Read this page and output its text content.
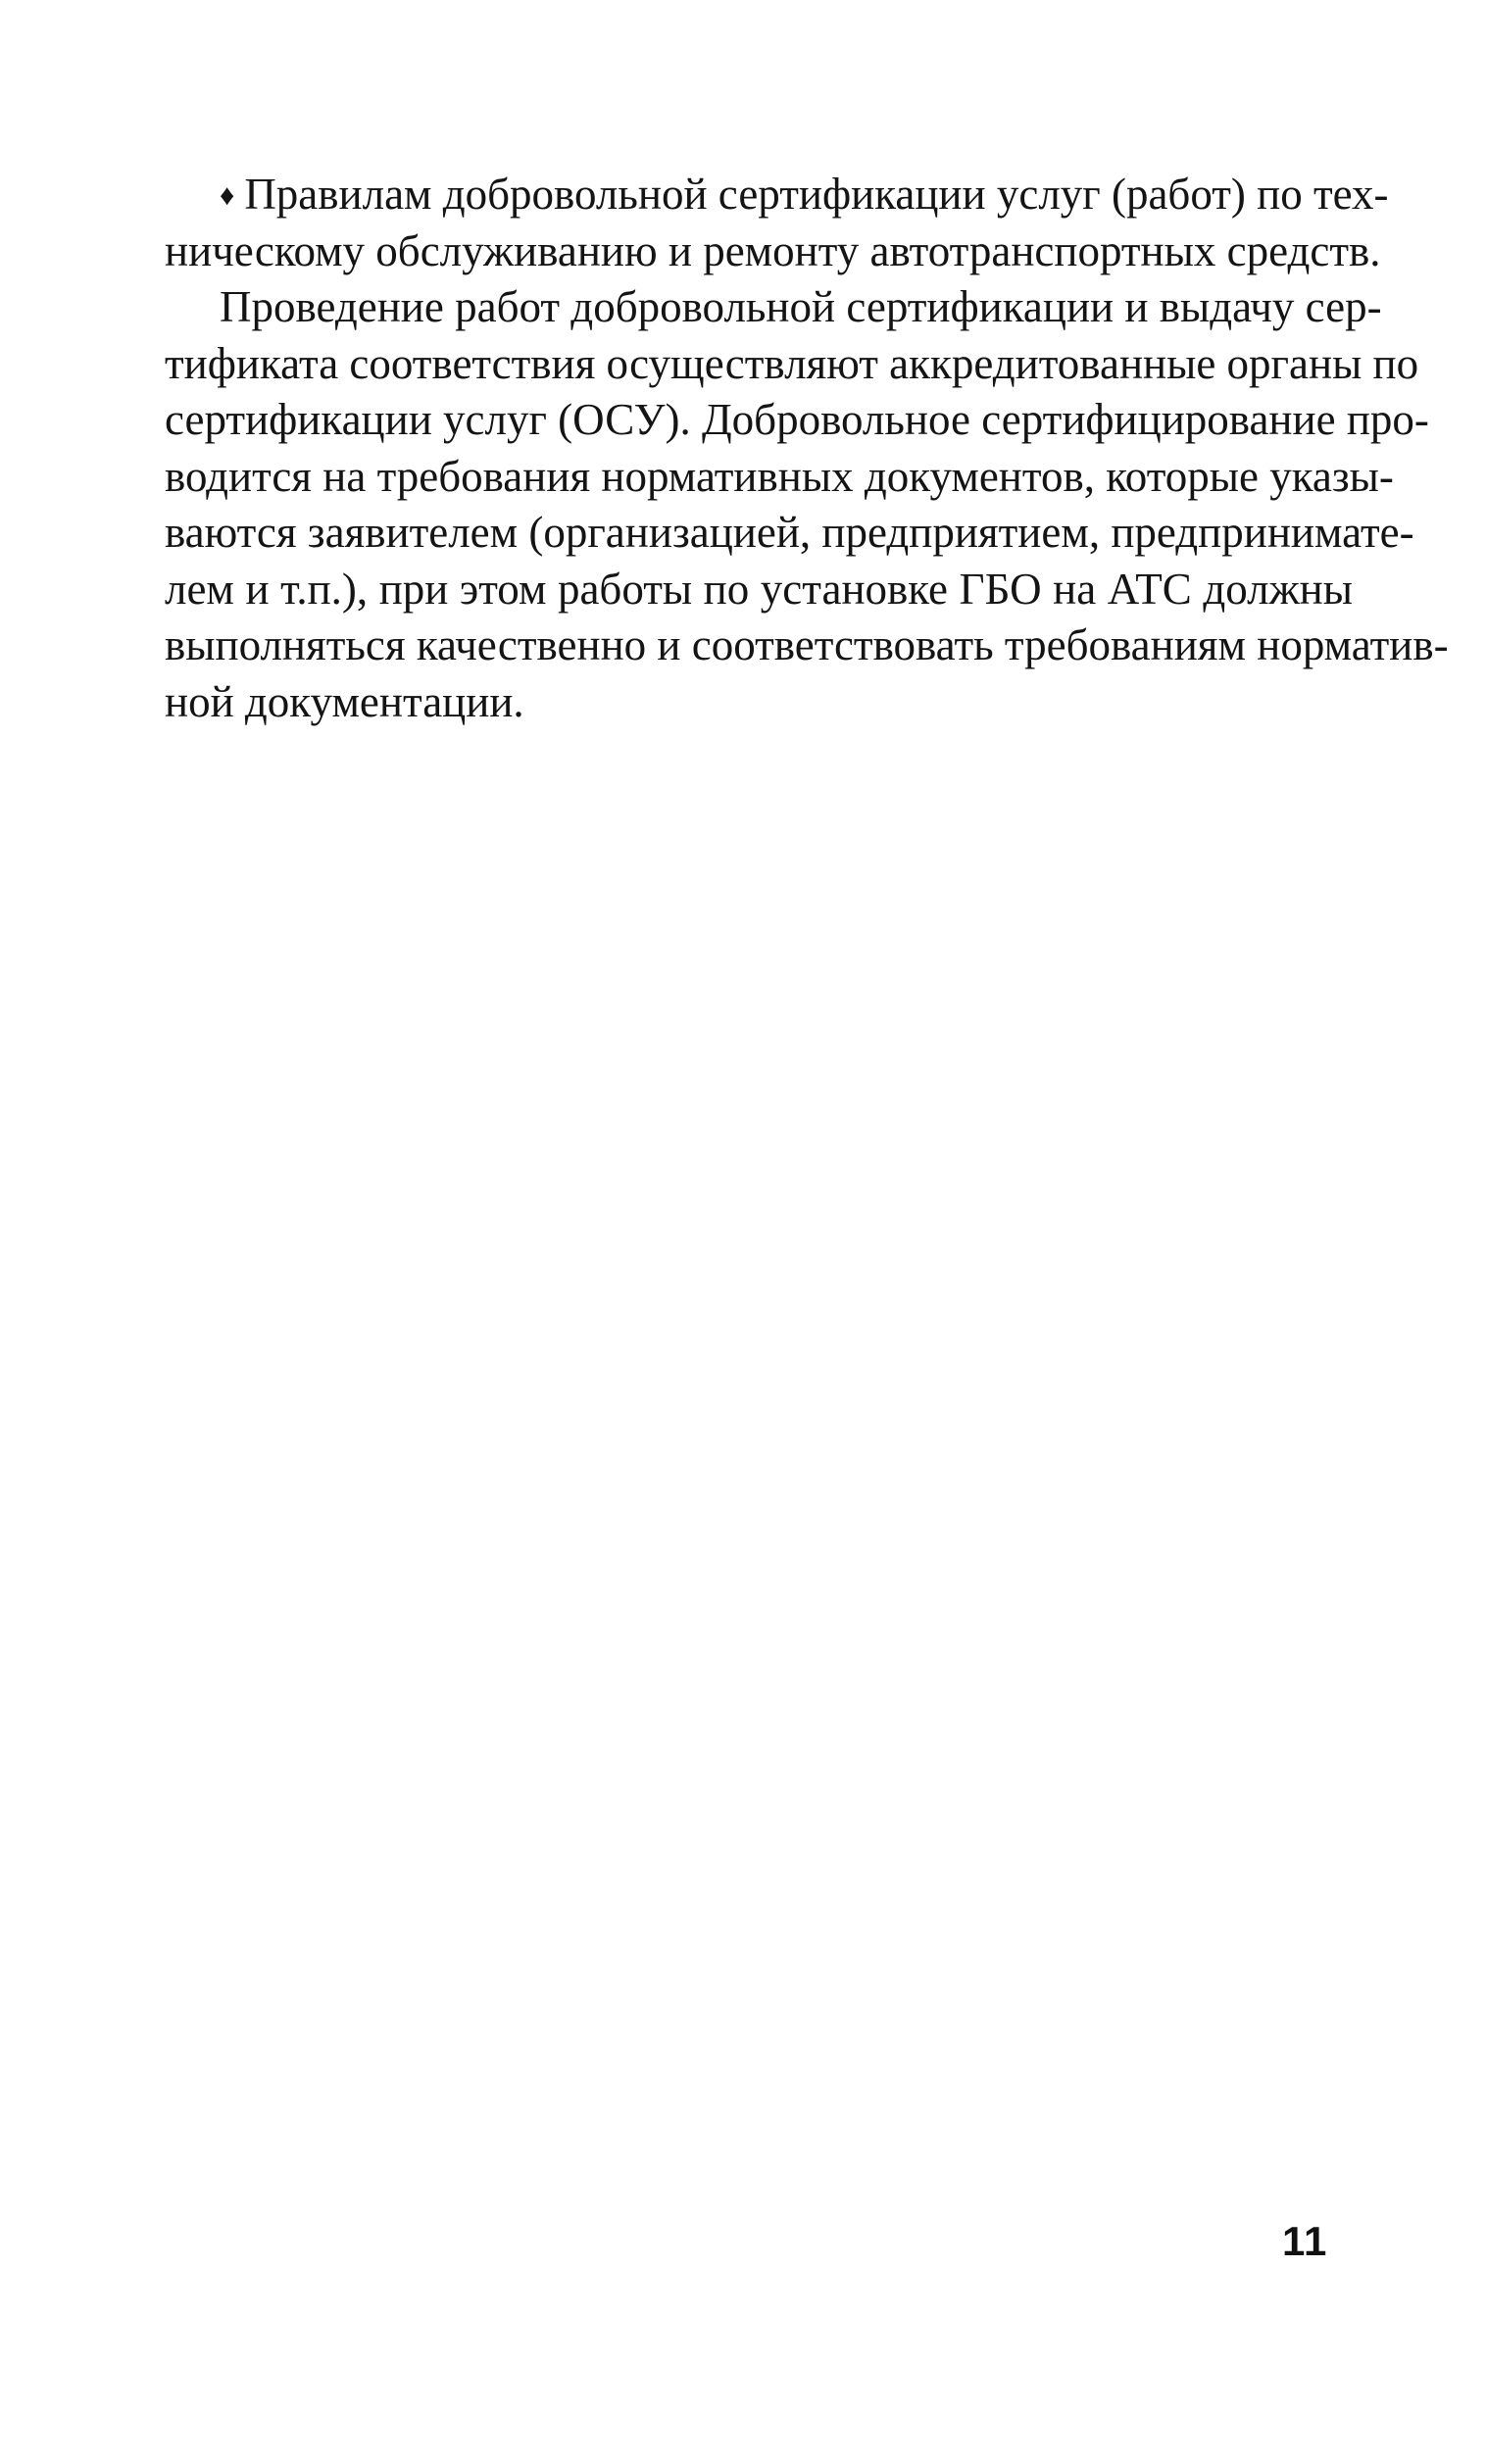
♦ Правилам добровольной сертификации услуг (работ) по тех-
ническому обслуживанию и ремонту автотранспортных средств.
Проведение работ добровольной сертификации и выдачу сер-
тификата соответствия осуществляют аккредитованные органы по
сертификации услуг (ОСУ). Добровольное сертифицирование про-
водится на требования нормативных документов, которые указы-
ваются заявителем (организацией, предприятием, предпринимате-
лем и т.п.), при этом работы по установке ГБО на АТС должны
выполняться качественно и соответствовать требованиям норматив-
ной документации.
11
